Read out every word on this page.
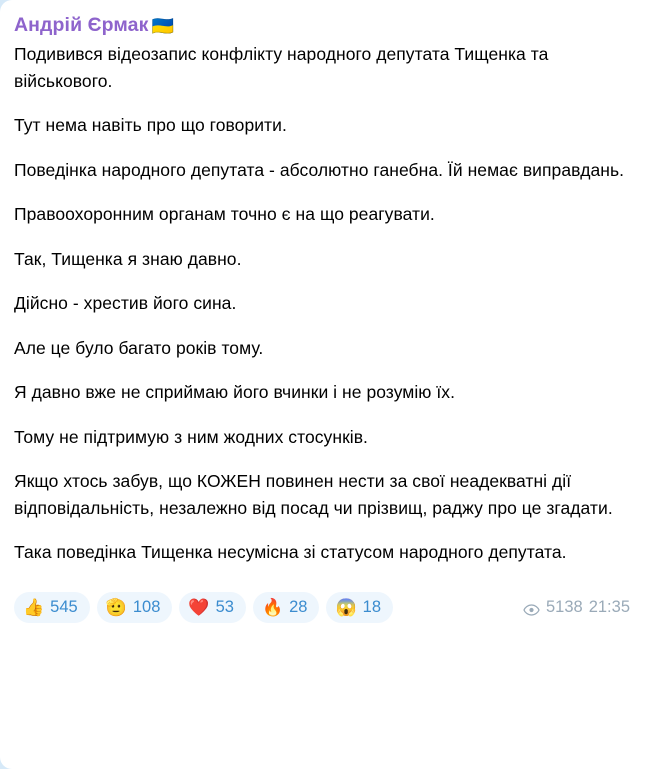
Андрій Єрмак 🇺🇦

Подивився відеозапис конфлікту народного депутата Тищенка та військового.

Тут нема навіть про що говорити.

Поведінка народного депутата - абсолютно ганебна. Їй немає виправдань.

Правоохоронним органам точно є на що реагувати.

Так, Тищенка я знаю давно.

Дійсно - хрестив його сина.

Але це було багато років тому.

Я давно вже не сприймаю його вчинки і не розумію їх.

Тому не підтримую з ним жодних стосунків.

Якщо хтось забув, що КОЖЕН повинен нести за свої неадекватні дії відповідальність, незалежно від посад чи прізвищ, раджу про це згадати.

Така поведінка Тищенка несумісна зі статусом народного депутата.

👍 545 🫡 108 ❤️ 53 🔥 28 😱 18	5138 21:35
